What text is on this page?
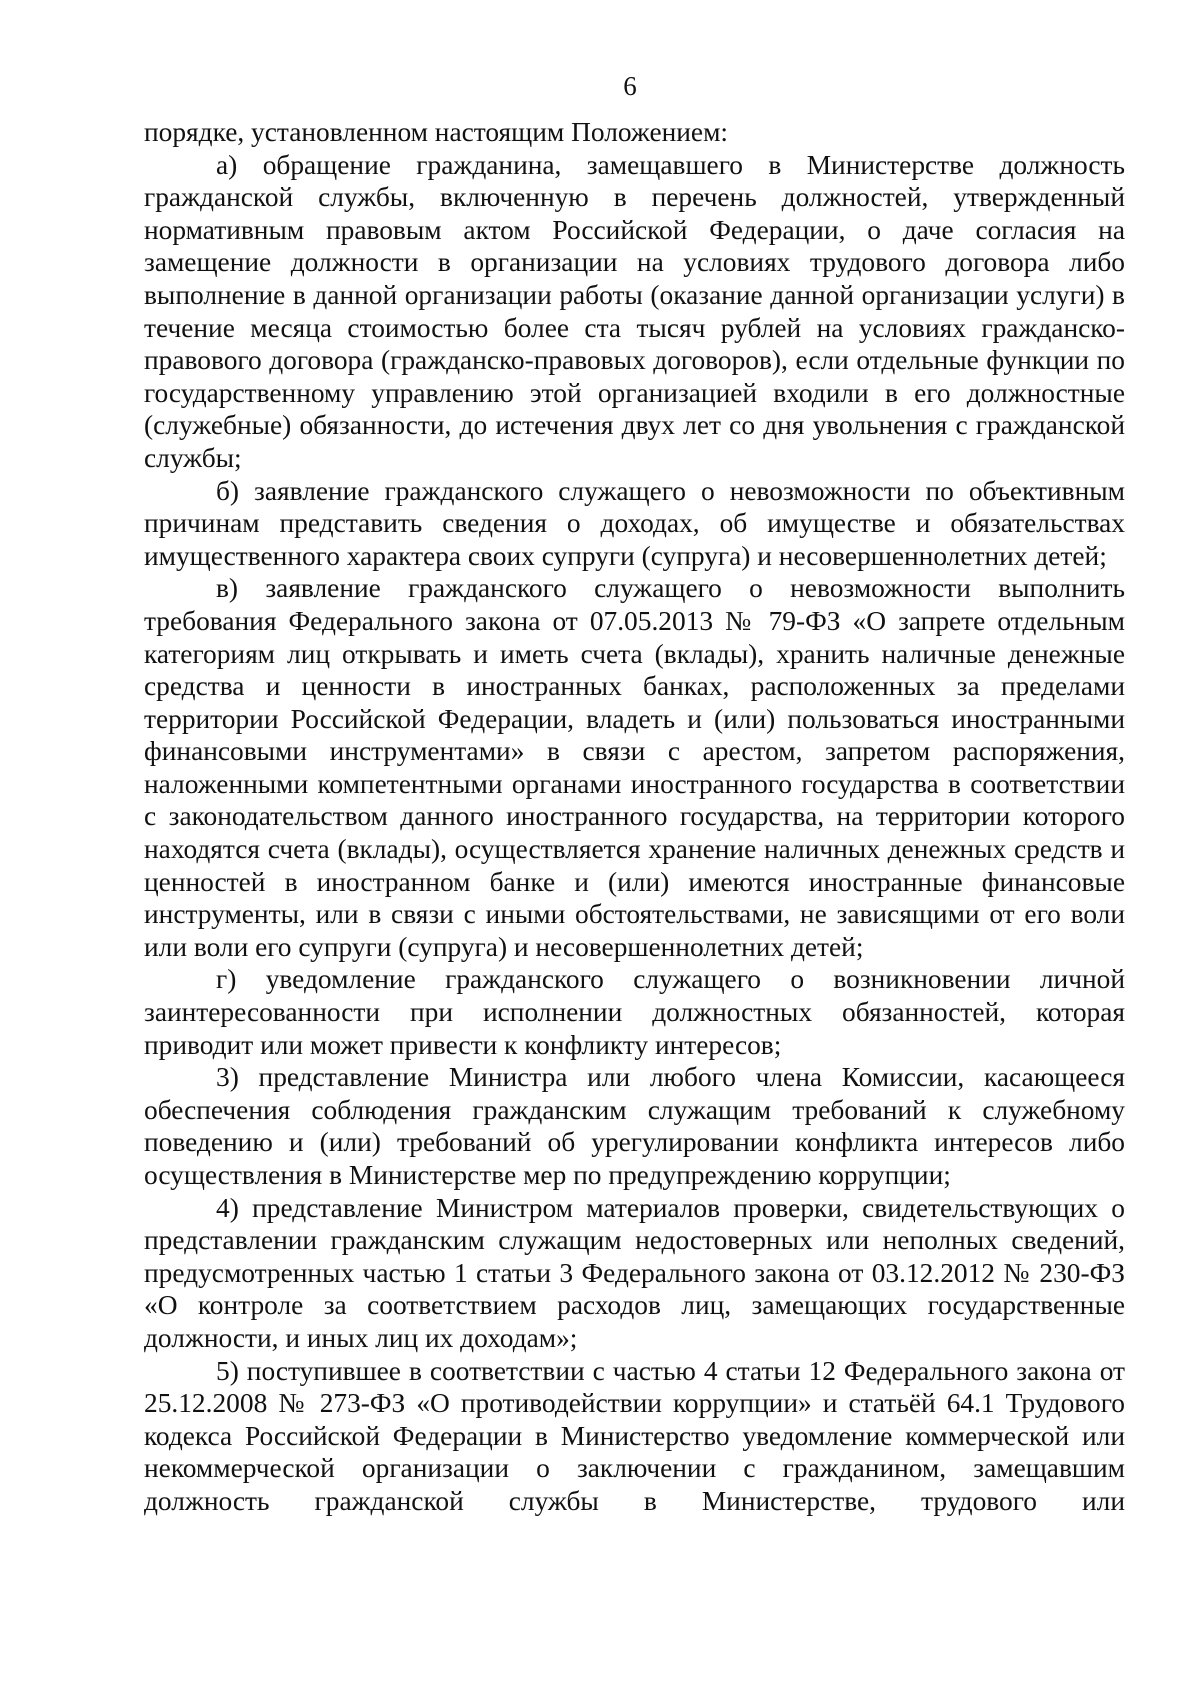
6

порядке, установленном настоящим Положением:

а) обращение гражданина, замещавшего в Министерстве должность гражданской службы, включенную в перечень должностей, утвержденный нормативным правовым актом Российской Федерации, о даче согласия на замещение должности в организации на условиях трудового договора либо выполнение в данной организации работы (оказание данной организации услуги) в течение месяца стоимостью более ста тысяч рублей на условиях гражданско-правового договора (гражданско-правовых договоров), если отдельные функции по государственному управлению этой организацией входили в его должностные (служебные) обязанности, до истечения двух лет со дня увольнения с гражданской службы;

б) заявление гражданского служащего о невозможности по объективным причинам представить сведения о доходах, об имуществе и обязательствах имущественного характера своих супруги (супруга) и несовершеннолетних детей;

в) заявление гражданского служащего о невозможности выполнить требования Федерального закона от 07.05.2013 № 79-ФЗ «О запрете отдельным категориям лиц открывать и иметь счета (вклады), хранить наличные денежные средства и ценности в иностранных банках, расположенных за пределами территории Российской Федерации, владеть и (или) пользоваться иностранными финансовыми инструментами» в связи с арестом, запретом распоряжения, наложенными компетентными органами иностранного государства в соответствии с законодательством данного иностранного государства, на территории которого находятся счета (вклады), осуществляется хранение наличных денежных средств и ценностей в иностранном банке и (или) имеются иностранные финансовые инструменты, или в связи с иными обстоятельствами, не зависящими от его воли или воли его супруги (супруга) и несовершеннолетних детей;

г) уведомление гражданского служащего о возникновении личной заинтересованности при исполнении должностных обязанностей, которая приводит или может привести к конфликту интересов;

3) представление Министра или любого члена Комиссии, касающееся обеспечения соблюдения гражданским служащим требований к служебному поведению и (или) требований об урегулировании конфликта интересов либо осуществления в Министерстве мер по предупреждению коррупции;

4) представление Министром материалов проверки, свидетельствующих о представлении гражданским служащим недостоверных или неполных сведений, предусмотренных частью 1 статьи 3 Федерального закона от 03.12.2012 № 230-ФЗ «О контроле за соответствием расходов лиц, замещающих государственные должности, и иных лиц их доходам»;

5) поступившее в соответствии с частью 4 статьи 12 Федерального закона от 25.12.2008 № 273-ФЗ «О противодействии коррупции» и статьёй 64.1 Трудового кодекса Российской Федерации в Министерство уведомление коммерческой или некоммерческой организации о заключении с гражданином, замещавшим должность гражданской службы в Министерстве, трудового или
